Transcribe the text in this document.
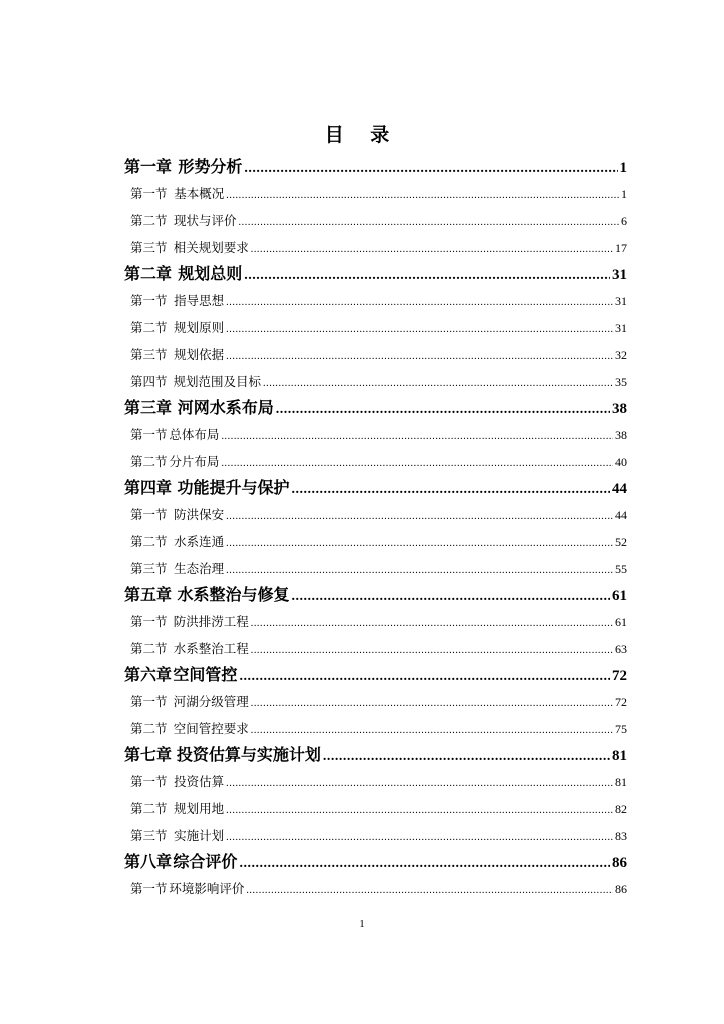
目 录
第一章 形势分析 .....	1
第一节 基本概况 .....	1
第二节 现状与评价 .....	6
第三节 相关规划要求 .....	17
第二章 规划总则 .....	31
第一节 指导思想 .....	31
第二节 规划原则 .....	31
第三节 规划依据 .....	32
第四节 规划范围及目标 .....	35
第三章 河网水系布局 .....	38
第一节 总体布局 .....	38
第二节 分片布局 .....	40
第四章 功能提升与保护 .....	44
第一节 防洪保安 .....	44
第二节 水系连通 .....	52
第三节 生态治理 .....	55
第五章 水系整治与修复 .....	61
第一节 防洪排涝工程 .....	61
第二节 水系整治工程 .....	63
第六章 空间管控 .....	72
第一节 河湖分级管理 .....	72
第二节 空间管控要求 .....	75
第七章 投资估算与实施计划 .....	81
第一节 投资估算 .....	81
第二节 规划用地 .....	82
第三节 实施计划 .....	83
第八章 综合评价 .....	86
第一节 环境影响评价 .....	86
1
